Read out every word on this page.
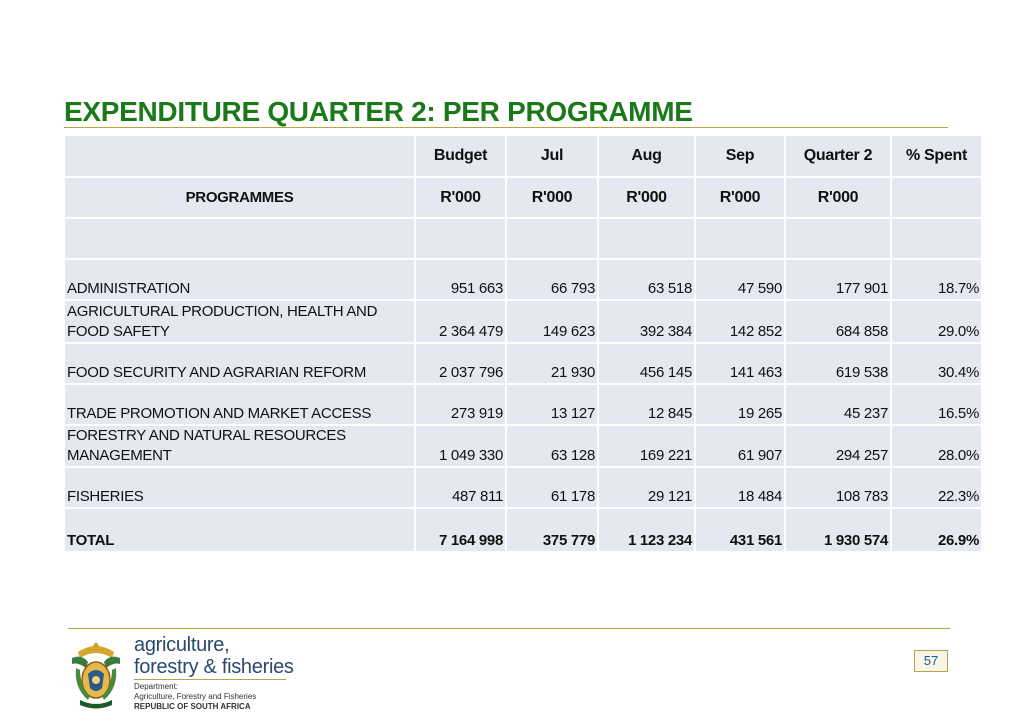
EXPENDITURE QUARTER 2: PER PROGRAMME
	Budget	Jul	Aug	Sep	Quarter 2	% Spent
PROGRAMMES	R'000	R'000	R'000	R'000	R'000	

ADMINISTRATION	951 663	66 793	63 518	47 590	177 901	18.7%
AGRICULTURAL PRODUCTION, HEALTH AND FOOD SAFETY	2 364 479	149 623	392 384	142 852	684 858	29.0%
FOOD SECURITY AND AGRARIAN REFORM	2 037 796	21 930	456 145	141 463	619 538	30.4%
TRADE PROMOTION AND MARKET ACCESS	273 919	13 127	12 845	19 265	45 237	16.5%
FORESTRY AND NATURAL RESOURCES MANAGEMENT	1 049 330	63 128	169 221	61 907	294 257	28.0%
FISHERIES	487 811	61 178	29 121	18 484	108 783	22.3%
TOTAL	7 164 998	375 779	1 123 234	431 561	1 930 574	26.9%
agriculture,
forestry & fisheries
Department:
Agriculture, Forestry and Fisheries
REPUBLIC OF SOUTH AFRICA
57
